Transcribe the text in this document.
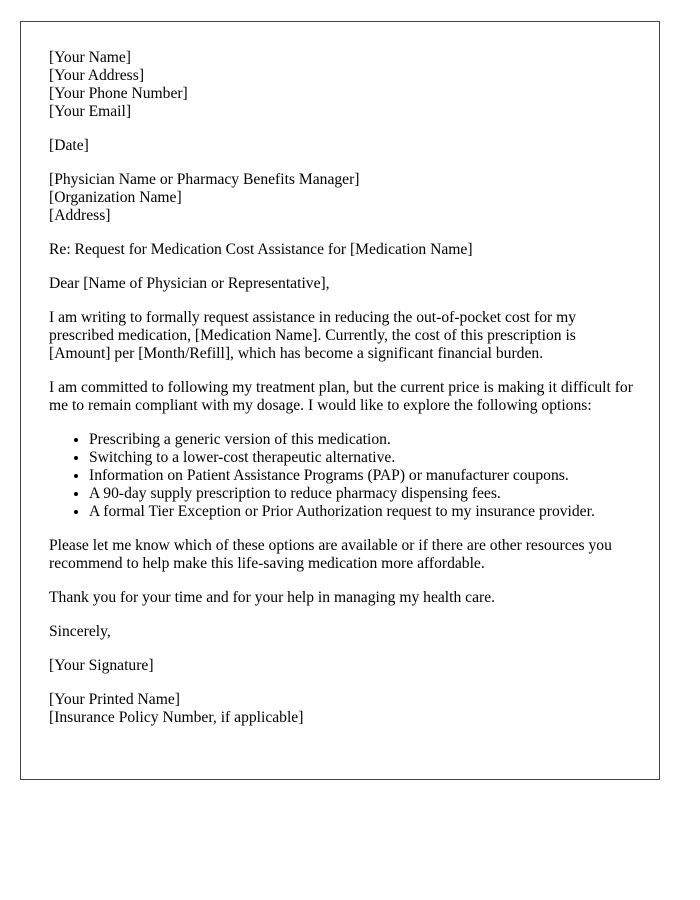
[Your Name]
[Your Address]
[Your Phone Number]
[Your Email]
[Date]
[Physician Name or Pharmacy Benefits Manager]
[Organization Name]
[Address]

Re: Request for Medication Cost Assistance for [Medication Name]

Dear [Name of Physician or Representative],

I am writing to formally request assistance in reducing the out-of-pocket cost for my prescribed medication, [Medication Name]. Currently, the cost of this prescription is [Amount] per [Month/Refill], which has become a significant financial burden.

I am committed to following my treatment plan, but the current price is making it difficult for me to remain compliant with my dosage. I would like to explore the following options:

• Prescribing a generic version of this medication.
• Switching to a lower-cost therapeutic alternative.
• Information on Patient Assistance Programs (PAP) or manufacturer coupons.
• A 90-day supply prescription to reduce pharmacy dispensing fees.
• A formal Tier Exception or Prior Authorization request to my insurance provider.

Please let me know which of these options are available or if there are other resources you recommend to help make this life-saving medication more affordable.

Thank you for your time and for your help in managing my health care.

Sincerely,

[Your Signature]

[Your Printed Name]
[Insurance Policy Number, if applicable]
